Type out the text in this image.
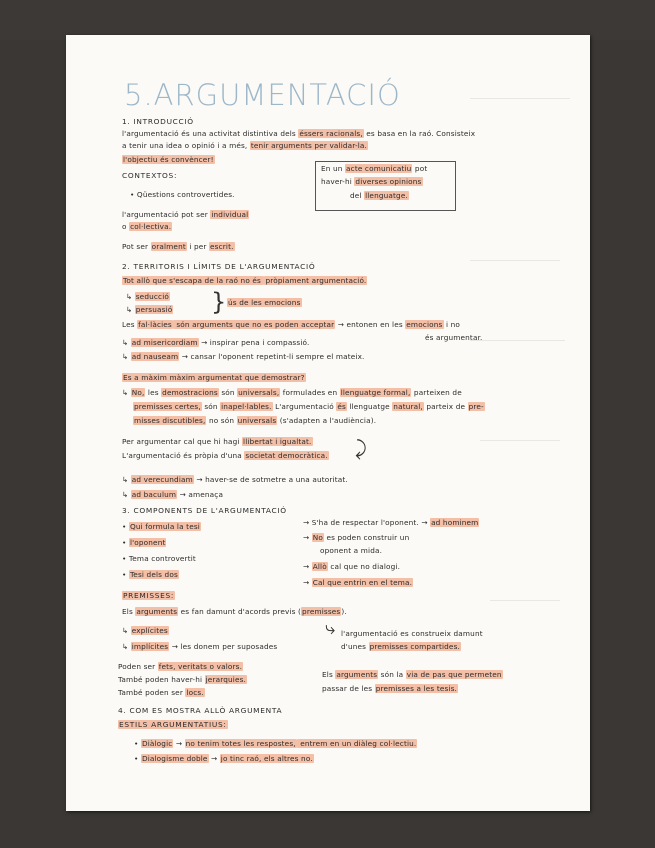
5.ARGUMENTACIÓ
1. INTRODUCCIÓ
l'argumentació és una activitat distintiva dels éssers racionals, es basa en la raó. Consisteix
a tenir una idea o opinió i a més, tenir arguments per validar-la.
l'objectiu és convèncer!
CONTEXTOS:
• Qüestions controvertides.
En un acte comunicatiu pot
haver-hi diverses opinions
del llenguatge.
l'argumentació pot ser individual
o col·lectiva.
Pot ser oralment i per escrit.
2. TERRITORIS I LÍMITS DE L'ARGUMENTACIÓ
Tot allò que s'escapa de la raó no és pròpiament argumentació.
↳ seducció
↳ persuasió } ús de les emocions
Les fal·làcies són arguments que no es poden acceptar → entonen en les emocions i no
és argumentar.
↳ ad misericordiam → inspirar pena i compassió.
↳ ad nauseam → cansar l'oponent repetint-li sempre el mateix.
Es a màxim màxim argumentat que demostrar?
↳ No, les demostracions són universals, formulades en llenguatge formal, parteixen de
premisses certes, són inapel·lables. L'argumentació és llenguatge natural, parteix de pre-
misses discutibles, no són universals (s'adapten a l'audiència).
Per argumentar cal que hi hagi llibertat i igualtat.
L'argumentació és pròpia d'una societat democràtica. ⤸
↳ ad verecundiam → haver-se de sotmetre a una autoritat.
↳ ad baculum → amenaça
3. COMPONENTS DE L'ARGUMENTACIÓ
• Qui formula la tesi
• l'oponent
• Tema controvertit
• Tesi dels dos
→ S'ha de respectar l'oponent. → ad hominem
→ No es poden construir un
oponent a mida.
→ Allò cal que no dialogi.
→ Cal que entrin en el tema.
PREMISSES:
Els arguments es fan damunt d'acords previs (premisses).
↳ explícites
↳ implícites → les donem per suposades
⤷ l'argumentació es construeix damunt
d'unes premisses compartides.
Poden ser fets, veritats o valors.
També poden haver-hi jerarquies.
També poden ser locs.
Els arguments són la via de pas que permeten
passar de les premisses a les tesis.
4. COM ES MOSTRA ALLÒ ARGUMENTA
ESTILS ARGUMENTATIUS:
• Diàlogic → no tenim totes les respostes, entrem en un diàleg col·lectiu.
• Dialogisme doble → jo tinc raó, els altres no.
